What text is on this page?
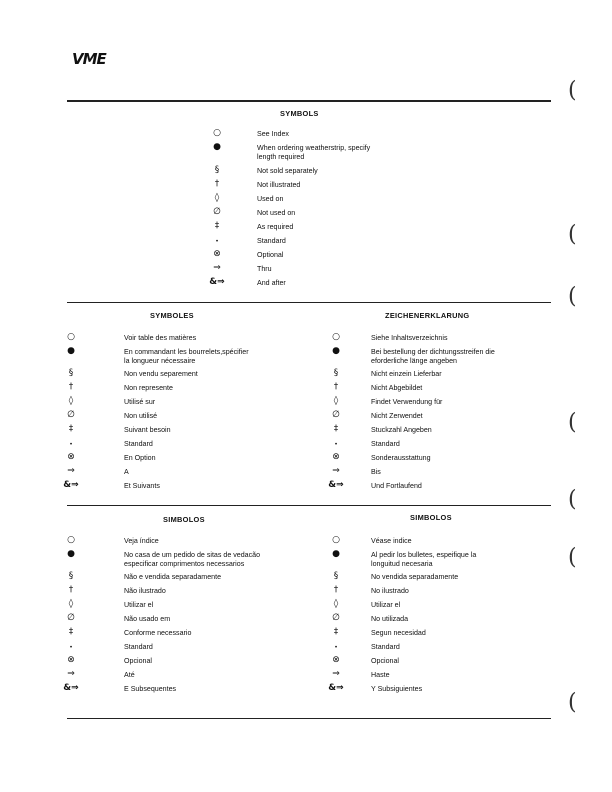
VME
(
(
(
(
(
(
(
SYMBOLS
○	See Index
●	When ordering weatherstrip, specify
length required
§	Not sold separately
†	Not illustrated
◊	Used on
∅	Not used on
‡	As required
•	Standard
⊗	Optional
⇒	Thru
&⇒	And after
SYMBOLES
○	Voir table des matières
●	En commandant les bourrelets,spécifier
la longueur nécessaire
§	Non vendu separement
†	Non represente
◊	Utilisé sur
∅	Non utilisé
‡	Suivant besoin
•	Standard
⊗	En Option
⇒	A
&⇒	Et Suivants
ZEICHENERKLARUNG
○	Siehe Inhaltsverzeichnis
●	Bei bestellung der dichtungsstreifen die
eforderliche länge angeben
§	Nicht einzein Lieferbar
†	Nicht Abgebildet
◊	Findet Verwendung für
∅	Nicht Zerwendet
‡	Stuckzahl Angeben
•	Standard
⊗	Sonderausstattung
⇒	Bis
&⇒	Und Fortlaufend
SIMBOLOS
○	Veja índice
●	No casa de um pedido de sitas de vedacão
especificar comprimentos necessarios
§	Não e vendida separadamente
†	Não ilustrado
◊	Utilizar el
∅	Não usado em
‡	Conforme necessario
•	Standard
⊗	Opcional
⇒	Até
&⇒	E Subsequentes
SIMBOLOS
○	Véase indice
●	Al pedir los bulletes, espeifique la
longuitud necesaria
§	No vendida separadamente
†	No ilustrado
◊	Utilizar el
∅	No utilizada
‡	Segun necesidad
•	Standard
⊗	Opcional
⇒	Haste
&⇒	Y Subsiguientes
